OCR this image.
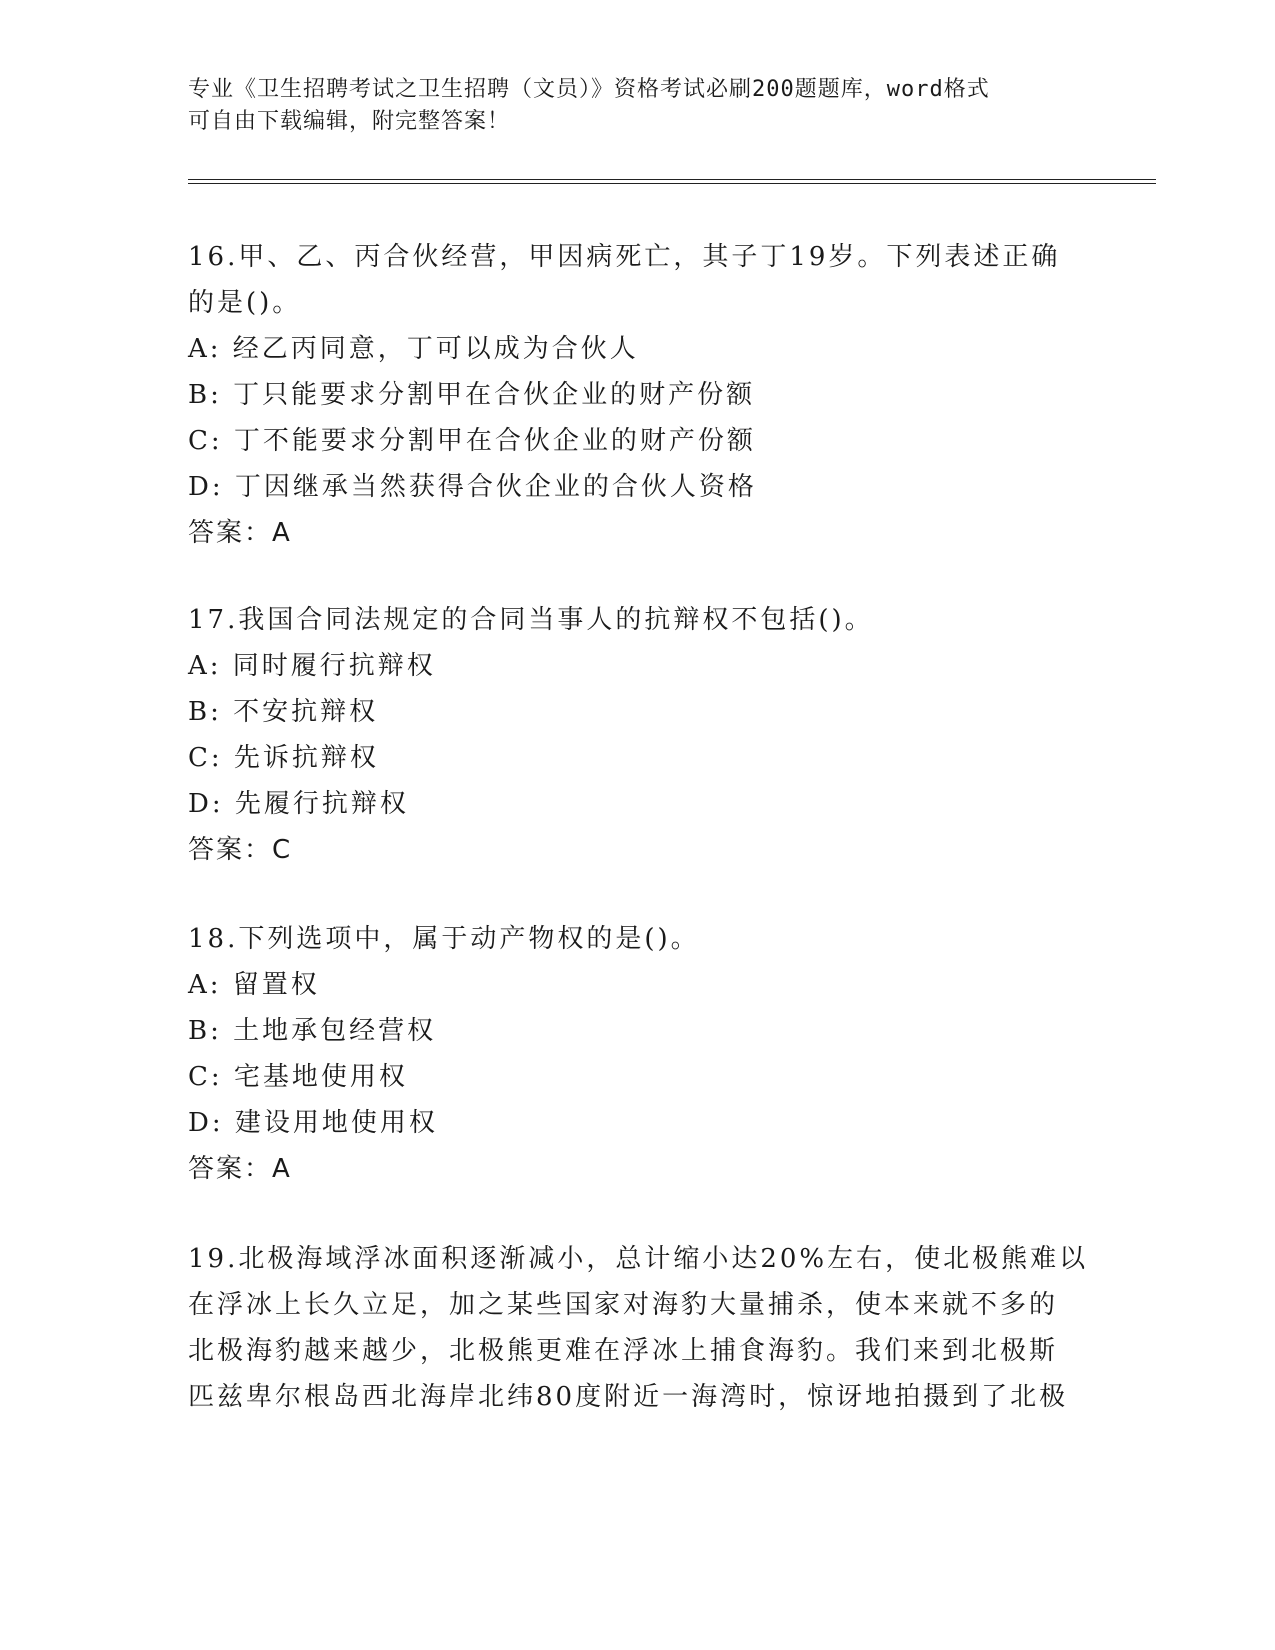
专业《卫生招聘考试之卫生招聘（文员）》资格考试必刷200题题库，word格式
可自由下载编辑，附完整答案！
16.甲、乙、丙合伙经营，甲因病死亡，其子丁19岁。下列表述正确
的是()。
A: 经乙丙同意，丁可以成为合伙人
B: 丁只能要求分割甲在合伙企业的财产份额
C: 丁不能要求分割甲在合伙企业的财产份额
D: 丁因继承当然获得合伙企业的合伙人资格
答案：A
17.我国合同法规定的合同当事人的抗辩权不包括()。
A: 同时履行抗辩权
B: 不安抗辩权
C: 先诉抗辩权
D: 先履行抗辩权
答案：C
18.下列选项中，属于动产物权的是()。
A: 留置权
B: 土地承包经营权
C: 宅基地使用权
D: 建设用地使用权
答案：A
19.北极海域浮冰面积逐渐减小，总计缩小达20%左右，使北极熊难以
在浮冰上长久立足，加之某些国家对海豹大量捕杀，使本来就不多的
北极海豹越来越少，北极熊更难在浮冰上捕食海豹。我们来到北极斯
匹兹卑尔根岛西北海岸北纬80度附近一海湾时，惊讶地拍摄到了北极
